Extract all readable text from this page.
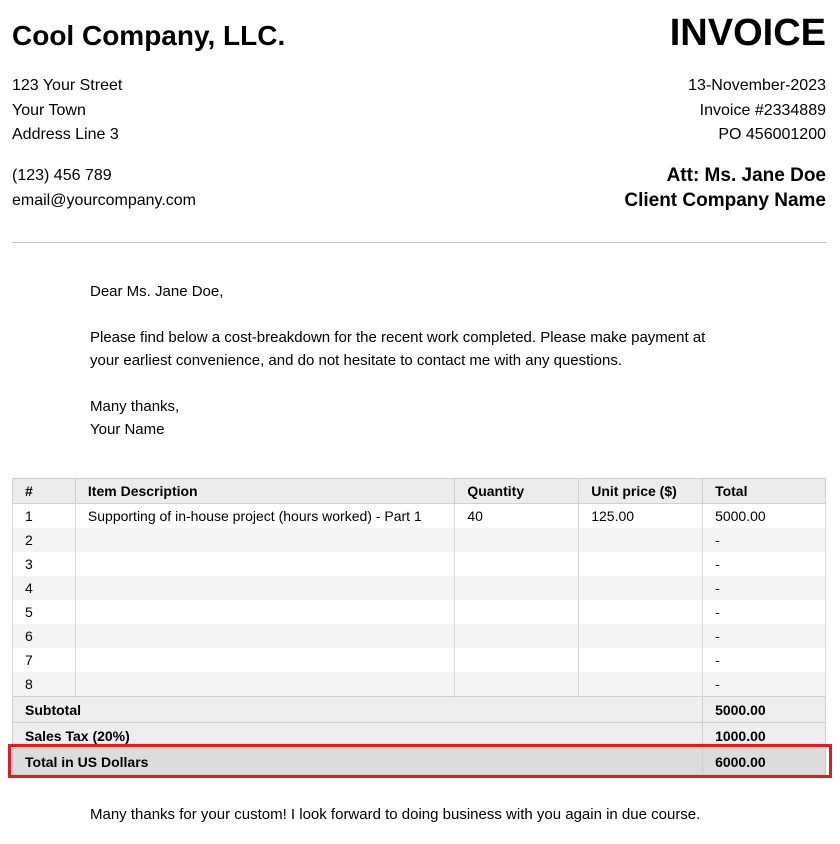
Cool Company, LLC.	INVOICE
123 Your Street
Your Town
Address Line 3
(123) 456 789
email@yourcompany.com
13-November-2023
Invoice #2334889
PO 456001200
Att: Ms. Jane Doe
Client Company Name

Dear Ms. Jane Doe,

Please find below a cost-breakdown for the recent work completed. Please make payment at

your earliest convenience, and do not hesitate to contact me with any questions.

Many thanks,

Your Name

#	Item Description	Quantity	Unit price ($)	Total
1	Supporting of in-house project (hours worked) - Part 1	40	125.00	5000.00
2				-
3				-
4				-
5				-
6				-
7				-
8				-
Subtotal				5000.00
Sales Tax (20%)				1000.00
Total in US Dollars				6000.00
Many thanks for your custom! I look forward to doing business with you again in due course.
